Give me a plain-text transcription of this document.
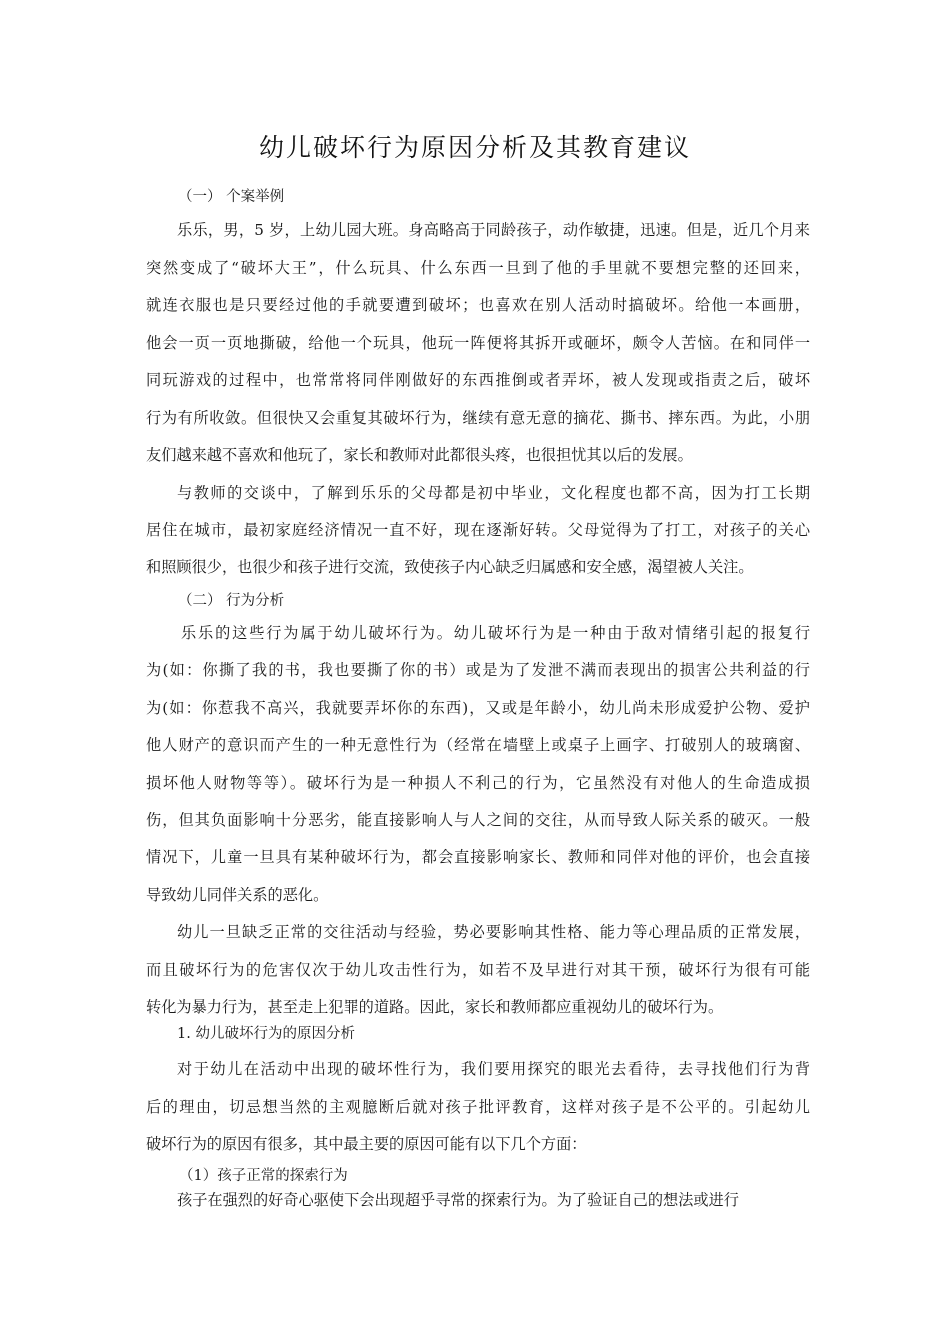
幼儿破坏行为原因分析及其教育建议
（一） 个案举例
乐乐，男，5 岁，上幼儿园大班。身高略高于同龄孩子，动作敏捷，迅速。但是，近几个月来
突然变成了“破坏大王”，什么玩具、什么东西一旦到了他的手里就不要想完整的还回来，
就连衣服也是只要经过他的手就要遭到破坏；也喜欢在别人活动时搞破坏。给他一本画册，
他会一页一页地撕破，给他一个玩具，他玩一阵便将其拆开或砸坏，颇令人苦恼。在和同伴一
同玩游戏的过程中，也常常将同伴刚做好的东西推倒或者弄坏，被人发现或指责之后，破坏
行为有所收敛。但很快又会重复其破坏行为，继续有意无意的摘花、撕书、摔东西。为此，小朋
友们越来越不喜欢和他玩了，家长和教师对此都很头疼，也很担忧其以后的发展。
与教师的交谈中，了解到乐乐的父母都是初中毕业，文化程度也都不高，因为打工长期
居住在城市，最初家庭经济情况一直不好，现在逐渐好转。父母觉得为了打工，对孩子的关心
和照顾很少，也很少和孩子进行交流，致使孩子内心缺乏归属感和安全感，渴望被人关注。
（二） 行为分析
乐乐的这些行为属于幼儿破坏行为。幼儿破坏行为是一种由于敌对情绪引起的报复行
为(如：你撕了我的书，我也要撕了你的书）或是为了发泄不满而表现出的损害公共利益的行
为(如：你惹我不高兴，我就要弄坏你的东西)，又或是年龄小，幼儿尚未形成爱护公物、爱护
他人财产的意识而产生的一种无意性行为（经常在墙壁上或桌子上画字、打破别人的玻璃窗、
损坏他人财物等等）。破坏行为是一种损人不利己的行为，它虽然没有对他人的生命造成损
伤，但其负面影响十分恶劣，能直接影响人与人之间的交往，从而导致人际关系的破灭。一般
情况下，儿童一旦具有某种破坏行为，都会直接影响家长、教师和同伴对他的评价，也会直接
导致幼儿同伴关系的恶化。
幼儿一旦缺乏正常的交往活动与经验，势必要影响其性格、能力等心理品质的正常发展，
而且破坏行为的危害仅次于幼儿攻击性行为，如若不及早进行对其干预，破坏行为很有可能
转化为暴力行为，甚至走上犯罪的道路。因此，家长和教师都应重视幼儿的破坏行为。
1. 幼儿破坏行为的原因分析
对于幼儿在活动中出现的破坏性行为，我们要用探究的眼光去看待，去寻找他们行为背
后的理由，切忌想当然的主观臆断后就对孩子批评教育，这样对孩子是不公平的。引起幼儿
破坏行为的原因有很多，其中最主要的原因可能有以下几个方面：
（1）孩子正常的探索行为
孩子在强烈的好奇心驱使下会出现超乎寻常的探索行为。为了验证自己的想法或进行
